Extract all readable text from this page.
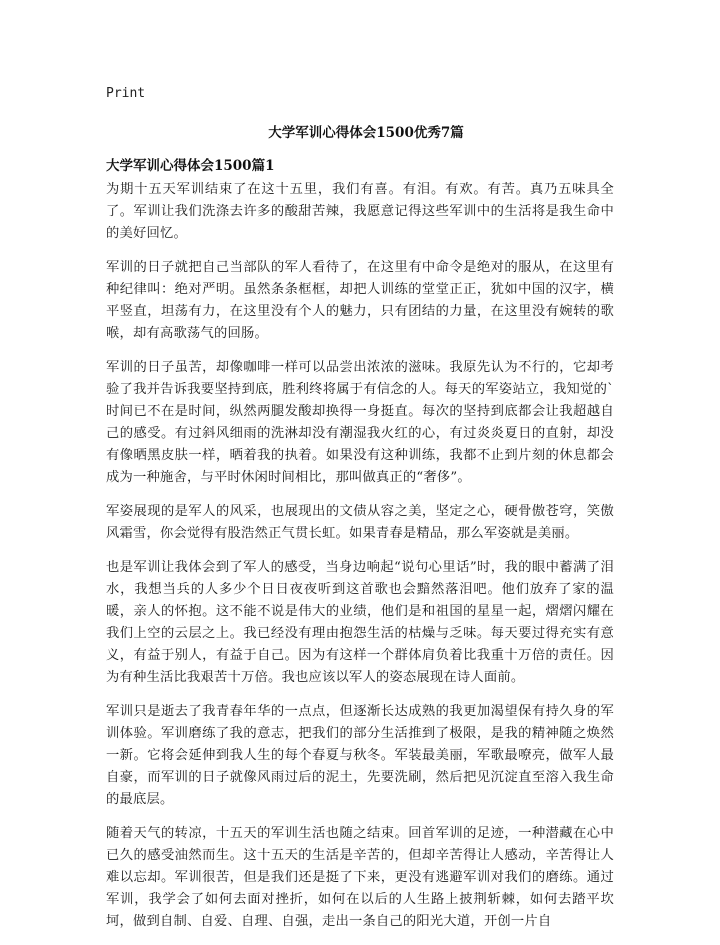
Print
大学军训心得体会1500优秀7篇
大学军训心得体会1500篇1

为期十五天军训结束了在这十五里，我们有喜。有泪。有欢。有苦。真乃五味具全了。军训让我们洗涤去许多的酸甜苦辣，我愿意记得这些军训中的生活将是我生命中的美好回忆。

军训的日子就把自己当部队的军人看待了，在这里有中命令是绝对的服从，在这里有种纪律叫：绝对严明。虽然条条框框，却把人训练的堂堂正正，犹如中国的汉字，横平竖直，坦荡有力，在这里没有个人的魅力，只有团结的力量，在这里没有婉转的歌喉，却有高歌荡气的回肠。

军训的日子虽苦，却像咖啡一样可以品尝出浓浓的滋味。我原先认为不行的，它却考验了我并告诉我要坚持到底，胜利终将属于有信念的人。每天的军姿站立，我知觉的`时间已不在是时间，纵然两腿发酸却换得一身挺直。每次的坚持到底都会让我超越自己的感受。有过斜风细雨的洗淋却没有潮湿我火红的心，有过炎炎夏日的直射，却没有像晒黑皮肤一样，晒着我的执着。如果没有这种训练，我都不止到片刻的休息都会成为一种施舍，与平时休闲时间相比，那叫做真正的“奢侈”。

军姿展现的是军人的风采，也展现出的文债从容之美，坚定之心，硬骨傲苍穹，笑傲风霜雪，你会觉得有股浩然正气贯长虹。如果青春是精品，那么军姿就是美丽。

也是军训让我体会到了军人的感受，当身边响起“说句心里话”时，我的眼中蓄满了泪水，我想当兵的人多少个日日夜夜听到这首歌也会黯然落泪吧。他们放弃了家的温暖，亲人的怀抱。这不能不说是伟大的业绩，他们是和祖国的星星一起，熠熠闪耀在我们上空的云层之上。我已经没有理由抱怨生活的枯燥与乏味。每天要过得充实有意义，有益于别人，有益于自己。因为有这样一个群体肩负着比我重十万倍的责任。因为有种生活比我艰苦十万倍。我也应该以军人的姿态展现在诗人面前。

军训只是逝去了我青春年华的一点点，但逐渐长达成熟的我更加渴望保有持久身的军训体验。军训磨练了我的意志，把我们的部分生活推到了极限，是我的精神随之焕然一新。它将会延伸到我人生的每个春夏与秋冬。军装最美丽，军歌最嘹亮，做军人最自豪，而军训的日子就像风雨过后的泥土，先要洗刷，然后把见沉淀直至溶入我生命的最底层。

随着天气的转凉，十五天的军训生活也随之结束。回首军训的足迹，一种潜藏在心中已久的感受油然而生。这十五天的生活是辛苦的，但却辛苦得让人感动，辛苦得让人难以忘却。军训很苦，但是我们还是挺了下来，更没有逃避军训对我们的磨练。通过军训，我学会了如何去面对挫折，如何在以后的人生路上披荆斩棘，如何去踏平坎坷，做到自制、自爱、自理、自强，走出一条自己的阳光大道，开创一片自
